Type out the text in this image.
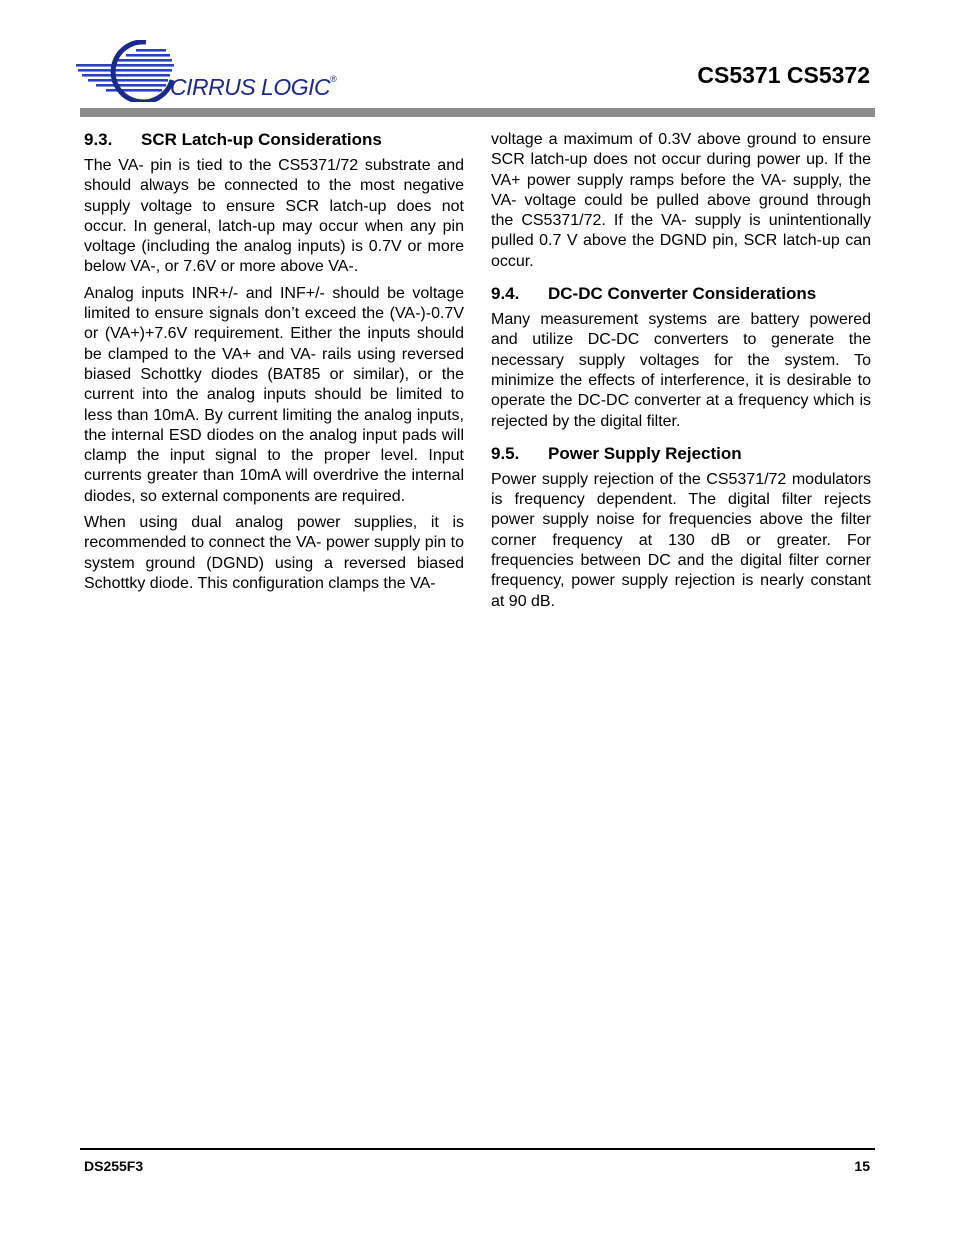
CIRRUS LOGIC®	CS5371 CS5372
9.3.	SCR Latch-up Considerations

The VA- pin is tied to the CS5371/72 substrate and should always be connected to the most negative supply voltage to ensure SCR latch-up does not occur. In general, latch-up may occur when any pin voltage (including the analog inputs) is 0.7V or more below VA-, or 7.6V or more above VA-.

Analog inputs INR+/- and INF+/- should be voltage limited to ensure signals don’t exceed the (VA-)-0.7V or (VA+)+7.6V requirement. Either the inputs should be clamped to the VA+ and VA- rails using reversed biased Schottky diodes (BAT85 or similar), or the current into the analog inputs should be limited to less than 10mA. By current limiting the analog inputs, the internal ESD diodes on the analog input pads will clamp the input signal to the proper level. Input currents greater than 10mA will overdrive the internal diodes, so external components are required.

When using dual analog power supplies, it is recommended to connect the VA- power supply pin to system ground (DGND) using a reversed biased Schottky diode. This configuration clamps the VA-

voltage a maximum of 0.3V above ground to ensure SCR latch-up does not occur during power up. If the VA+ power supply ramps before the VA- supply, the VA- voltage could be pulled above ground through the CS5371/72. If the VA- supply is unintentionally pulled 0.7 V above the DGND pin, SCR latch-up can occur.

9.4.	DC-DC Converter Considerations

Many measurement systems are battery powered and utilize DC-DC converters to generate the necessary supply voltages for the system. To minimize the effects of interference, it is desirable to operate the DC-DC converter at a frequency which is rejected by the digital filter.

9.5.	Power Supply Rejection

Power supply rejection of the CS5371/72 modulators is frequency dependent. The digital filter rejects power supply noise for frequencies above the filter corner frequency at 130 dB or greater. For frequencies between DC and the digital filter corner frequency, power supply rejection is nearly constant at 90 dB.

DS255F3	15
